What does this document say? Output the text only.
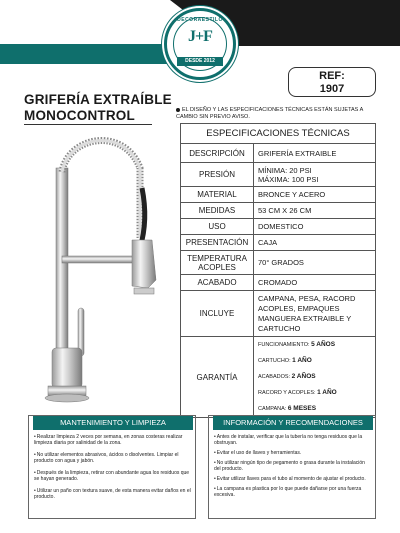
DECORAESTILO
J+F
DESDE 2012
REF:
1907
GRIFERÍA EXTRAÍBLE
MONOCONTROL	EL DISEÑO Y LAS ESPECIFICACIONES TÉCNICAS ESTÁN SUJETAS A CAMBIO SIN PREVIO AVISO.
ESPECIFICACIONES TÉCNICAS	
DESCRIPCIÓN	GRIFERÍA EXTRAIBLE
PRESIÓN	MÍNIMA: 20 PSI
MÁXIMA: 100 PSI

MATERIAL	BRONCE Y ACERO
MEDIDAS	53 CM X 26 CM
USO	DOMESTICO
PRESENTACIÓN	CAJA

TEMPERATURA
ACOPLES	70° GRADOS
ACABADO	CROMADO
INCLUYE	CAMPANA, PESA, RACORD ACOPLES, EMPAQUES MANGUERA EXTRAIBLE Y CARTUCHO
GARANTÍA	FUNCIONAMIENTO: 5 AÑOS
CARTUCHO: 1 AÑO
ACABADOS: 2 AÑOS
RACORD Y ACOPLES: 1 AÑO
CAMPANA: 6 MESES
MANTENIMIENTO Y LIMPIEZA
• Realizar limpieza 2 veces por semana, en zonas costeras realizar limpieza diaria por salinidad de la zona.
• No utilizar elementos abrasivos, ácidos o disolventes. Limpiar el producto con agua y jabón.
• Después de la limpieza, retirar con abundante agua los residuos que se hayan generado.
• Utilizar un paño con textura suave, de esta manera evitar daños en el producto.
INFORMACIÓN Y RECOMENDACIONES
• Antes de instalar, verificar que la tubería no tenga residuos que la obstruyan.
• Evitar el uso de llaves y herramientas.
• No utilizar ningún tipo de pegamento o grasa durante la instalación del producto.
• Evitar utilizar llaves para el tubo al momento de ajustar el producto.
• La campana es plastica por lo que puede dañarse por una fuerza excesiva.
